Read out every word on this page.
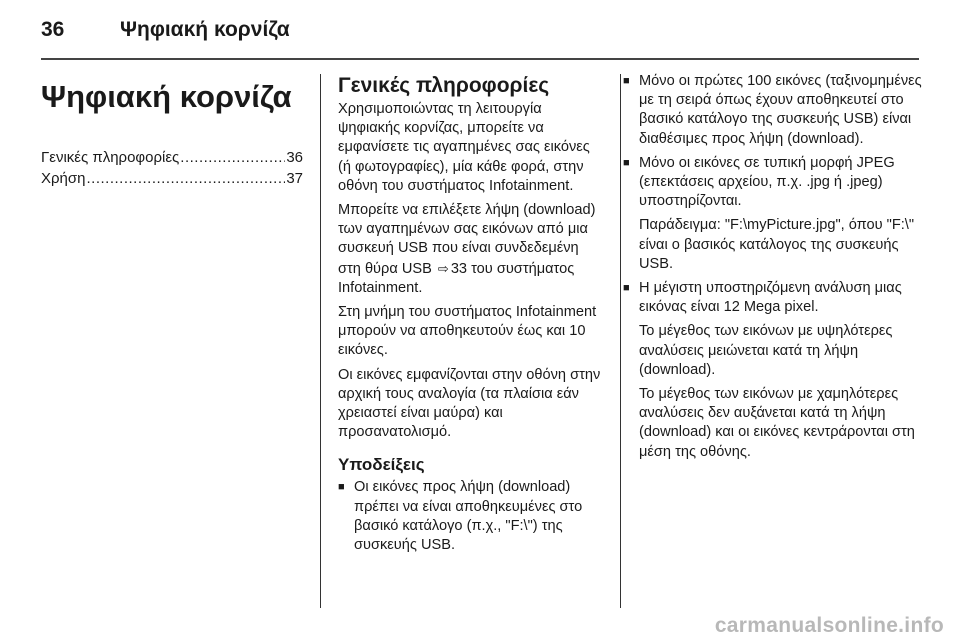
36	Ψηφιακή κορνίζα
Ψηφιακή κορνίζα
Γενικές πληροφορίες .....	36
Χρήση .....	37
Γενικές πληροφορίες

Χρησιμοποιώντας τη λειτουργία ψηφιακής κορνίζας, μπορείτε να εμφανίσετε τις αγαπημένες σας εικόνες (ή φωτογραφίες), μία κάθε φορά, στην οθόνη του συστήματος Infotainment.

Μπορείτε να επιλέξετε λήψη (download) των αγαπημένων σας εικόνων από μια συσκευή USB που είναι συνδεδεμένη στη θύρα USB ⇨ 33 του συστήματος Infotainment.

Στη μνήμη του συστήματος Infotainment μπορούν να αποθηκευτούν έως και 10 εικόνες.

Οι εικόνες εμφανίζονται στην οθόνη στην αρχική τους αναλογία (τα πλαίσια εάν χρειαστεί είναι μαύρα) και προσανατολισμό.

Υποδείξεις
■ Οι εικόνες προς λήψη (download) πρέπει να είναι αποθηκευμένες στο βασικό κατάλογο (π.χ., "F:\") της συσκευής USB.

■ Μόνο οι πρώτες 100 εικόνες (ταξινομημένες με τη σειρά όπως έχουν αποθηκευτεί στο βασικό κατάλογο της συσκευής USB) είναι διαθέσιμες προς λήψη (download).

■ Μόνο οι εικόνες σε τυπική μορφή JPEG (επεκτάσεις αρχείου, π.χ. .jpg ή .jpeg) υποστηρίζονται.

Παράδειγμα: "F:\myPicture.jpg", όπου "F:\" είναι ο βασικός κατάλογος της συσκευής USB.

■ Η μέγιστη υποστηριζόμενη ανάλυση μιας εικόνας είναι 12 Mega pixel.

Το μέγεθος των εικόνων με υψηλότερες αναλύσεις μειώνεται κατά τη λήψη (download).

Το μέγεθος των εικόνων με χαμηλότερες αναλύσεις δεν αυξάνεται κατά τη λήψη (download) και οι εικόνες κεντράρονται στη μέση της οθόνης.

carmanualsonline.info
